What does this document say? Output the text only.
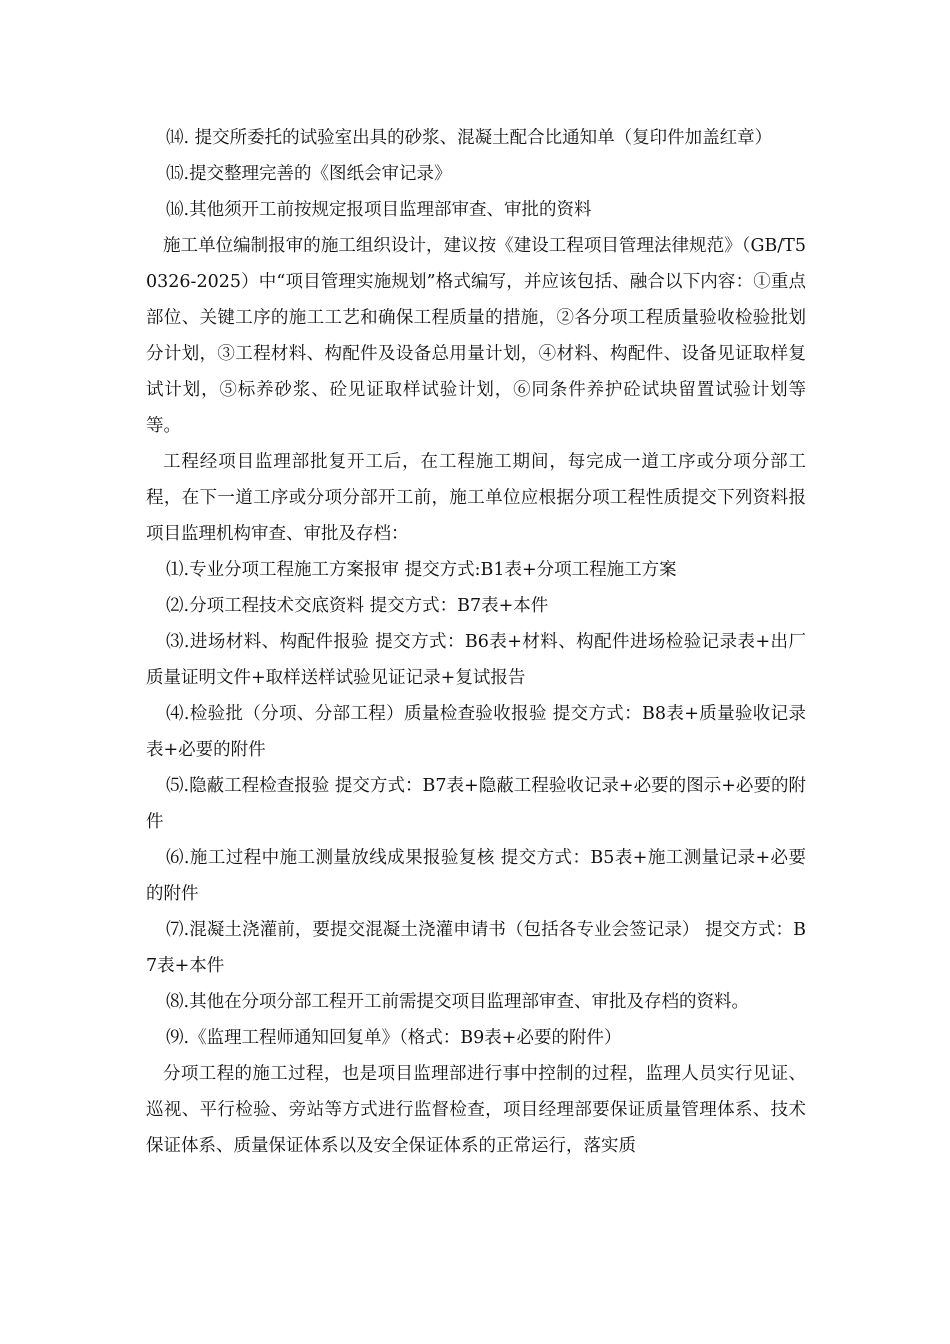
⒁. 提交所委托的试验室出具的砂浆、混凝土配合比通知单（复印件加盖红章）

⒂.提交整理完善的《图纸会审记录》

⒃.其他须开工前按规定报项目监理部审查、审批的资料

施工单位编制报审的施工组织设计，建议按《建设工程项目管理法律规范》（GB/T50326-2025）中“项目管理实施规划”格式编写，并应该包括、融合以下内容：①重点部位、关键工序的施工工艺和确保工程质量的措施，②各分项工程质量验收检验批划分计划，③工程材料、构配件及设备总用量计划，④材料、构配件、设备见证取样复试计划，⑤标养砂浆、砼见证取样试验计划，⑥同条件养护砼试块留置试验计划等等。

工程经项目监理部批复开工后，在工程施工期间，每完成一道工序或分项分部工程，在下一道工序或分项分部开工前，施工单位应根据分项工程性质提交下列资料报项目监理机构审查、审批及存档：

⑴.专业分项工程施工方案报审 提交方式:B1表+分项工程施工方案

⑵.分项工程技术交底资料 提交方式：B7表+本件

⑶.进场材料、构配件报验 提交方式：B6表+材料、构配件进场检验记录表+出厂质量证明文件+取样送样试验见证记录+复试报告

⑷.检验批（分项、分部工程）质量检查验收报验 提交方式：B8表+质量验收记录表+必要的附件

⑸.隐蔽工程检查报验 提交方式：B7表+隐蔽工程验收记录+必要的图示+必要的附件

⑹.施工过程中施工测量放线成果报验复核 提交方式：B5表+施工测量记录+必要的附件

⑺.混凝土浇灌前，要提交混凝土浇灌申请书（包括各专业会签记录） 提交方式：B7表+本件

⑻.其他在分项分部工程开工前需提交项目监理部审查、审批及存档的资料。

⑼.《监理工程师通知回复单》（格式：B9表+必要的附件）

分项工程的施工过程，也是项目监理部进行事中控制的过程，监理人员实行见证、巡视、平行检验、旁站等方式进行监督检查，项目经理部要保证质量管理体系、技术保证体系、质量保证体系以及安全保证体系的正常运行，落实质
